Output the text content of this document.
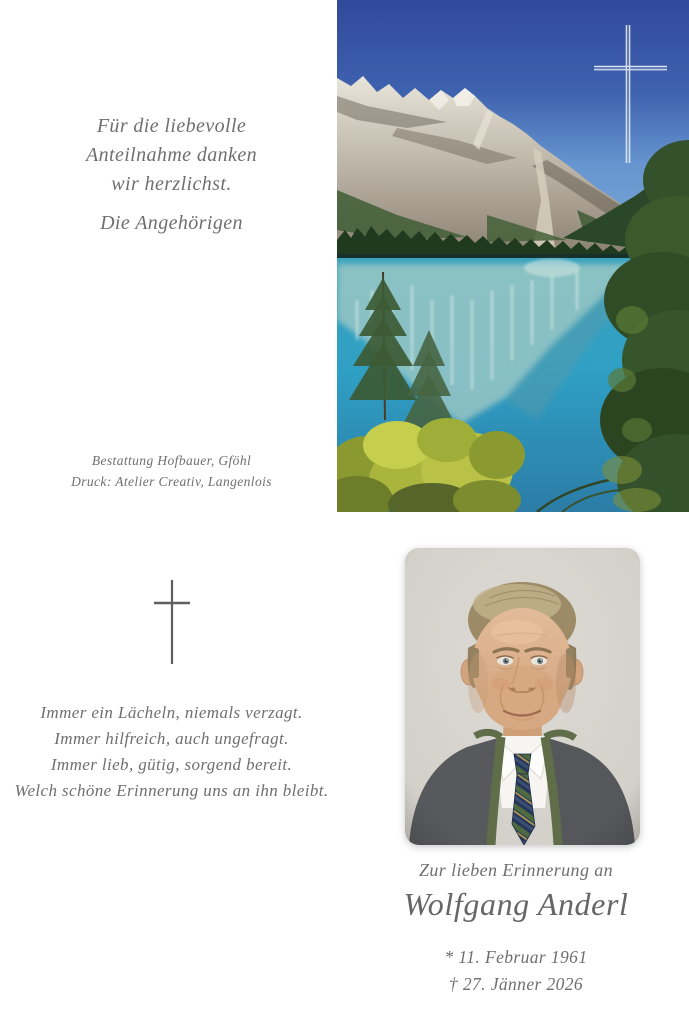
Für die liebevolle
Anteilnahme danken
wir herzlichst.
Die Angehörigen
Bestattung Hofbauer, Gföhl
Druck: Atelier Creativ, Langenlois
Immer ein Lächeln, niemals verzagt.
Immer hilfreich, auch ungefragt.
Immer lieb, gütig, sorgend bereit.
Welch schöne Erinnerung uns an ihn bleibt.
Zur lieben Erinnerung an
Wolfgang Anderl
* 11. Februar 1961
† 27. Jänner 2026
